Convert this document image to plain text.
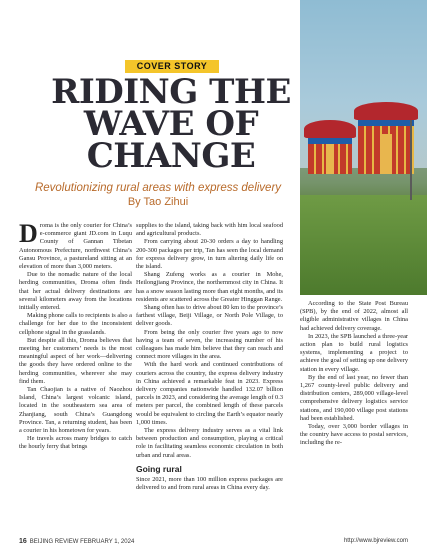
COVER STORY
RIDING THE
WAVE OF
CHANGE
Revolutionizing rural areas with express delivery
By Tao Zihui

Droma is the only courier for China’s e-commerce giant JD.com in Luqu County of Gannan Tibetan Autonomous Prefecture, northwest China’s Gansu Province, a pastureland sitting at an elevation of more than 3,000 meters.

Due to the nomadic nature of the local herding communities, Droma often finds that her actual delivery destinations are several kilometers away from the locations initially entered.

Making phone calls to recipients is also a challenge for her due to the inconsistent cellphone signal in the grasslands.

But despite all this, Droma believes that meeting her customers’ needs is the most meaningful aspect of her work—delivering the goods they have ordered online to the herding communities, wherever she may find them.

Tan Chaojian is a native of Naozhou Island, China’s largest volcanic island, located in the southeastern sea area of Zhanjiang, south China’s Guangdong Province. Tan, a returning student, has been a courier in his hometown for years.

He travels across many bridges to catch the hourly ferry that brings

supplies to the island, taking back with him local seafood and agricultural products.

From carrying about 20-30 orders a day to handling 200-300 packages per trip, Tan has seen the local demand for express delivery grow, in turn altering daily life on the island.

Shang Zufeng works as a courier in Mohe, Heilongjiang Province, the northernmost city in China. It has a snow season lasting more than eight months, and its residents are scattered across the Greater Hinggan Range.

Shang often has to drive about 80 km to the province’s farthest village, Beiji Village, or North Pole Village, to deliver goods.

From being the only courier five years ago to now having a team of seven, the increasing number of his colleagues has made him believe that they can reach and connect more villages in the area.

With the hard work and continued contributions of couriers across the country, the express delivery industry in China achieved a remarkable feat in 2023. Express delivery companies nationwide handled 132.07 billion parcels in 2023, and considering the average length of 0.3 meters per parcel, the combined length of these parcels would be equivalent to circling the Earth’s equator nearly 1,000 times.

The express delivery industry serves as a vital link between production and consumption, playing a critical role in facilitating seamless economic circulation in both urban and rural areas.

Going rural

Since 2021, more than 100 million express packages are delivered to and from rural areas in China every day.

According to the State Post Bureau (SPB), by the end of 2022, almost all eligible administrative villages in China had achieved delivery coverage.

In 2023, the SPB launched a three-year action plan to build rural logistics systems, implementing a project to achieve the goal of setting up one delivery station in every village.

By the end of last year, no fewer than 1,267 county-level public delivery and distribution centers, 289,000 village-level comprehensive delivery logistics service stations, and 190,000 village post stations had been established.

Today, over 3,000 border villages in the country have access to postal services, including the re-

16 BEIJING REVIEW FEBRUARY 1, 2024	http://www.bjreview.com
